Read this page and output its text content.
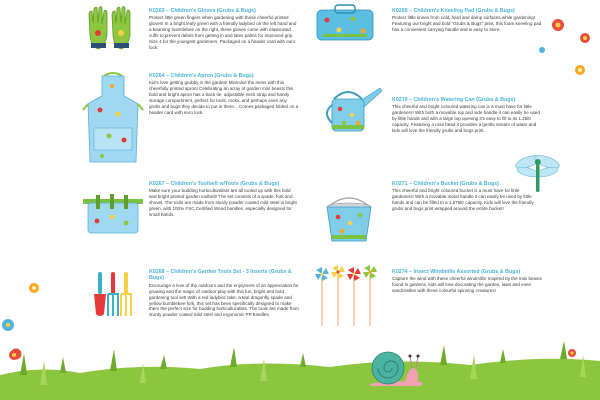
K0263 – Children's Gloves (Grubs & Bugs)

Protect little green fingers when gardening with these cheerful printed gloves! In a bright leafy green with a friendly ladybird on the left hand and a beaming bumblebee on the right, these gloves come with elasticated cuffs to prevent debris from getting in and latex palms for improved grip. Size 4 for the youngest gardeners. Packaged on a header card with euro lock.

K0269 – Children's Kneeling Pad (Grubs & Bugs)

Protect little knees from cold, hard and damp surfaces while gardening! Featuring our bright and bold "Grubs & Bugs" print, this foam kneeling pad has a convenient carrying handle and is easy to store.

K0264 – Children's Apron (Grubs & Bugs)

Kid's love getting grubby in the garden! Minimise the mess with this cheerfully printed apron! Celebrating an array of garden mini beasts this bold and bright apron has a back tie, adjustable neck strap and handy storage compartment, perfect for tools, rocks, and perhaps even any grubs and bugs they decide to put in there... Comes packaged folded on a header card with euro lock.

K0270 – Children's Watering Can (Grubs & Bugs)

This cheerful and bright coloured watering can is a must have for little gardeners! With both a movable top and side handle it can easily be used by little hands and with a large top opening it's easy to fill to its 1.25ltr capacity. Featuring a rose head it provides a gentle stream of water and kids will love the friendly grubs and bugs print.

K0267 – Children's Toolbelt w/Tools (Grubs & Bugs)

Make sure your budding horticulturalists are all tooled up with this bold and bright printed garden toolbelt! The set consists of a spade, fork and shovel. The tools are made from sturdy powder coated mild steel in bright green, with 100% FSC Certified Wood handles, especially designed for small hands.

K0271 – Children's Bucket (Grubs & Bugs)

This cheerful and bright coloured bucket is a must have for little gardeners! With a movable metal handle it can easily be used by little hands and can be filled to a 1.675ltr capacity. Kids will love the friendly grubs and bugs print wrapped around the entire bucket!

K0268 – Children's Garden Tools Set - 3 Inserts (Grubs & Bugs)

Encourage a love of the outdoors and the enjoyment of an appreciation for growing and the magic of outdoor play with this fun, bright and bold gardening tool set! With a red ladybird rake, a teal dragonfly spade and yellow bumblebee fork, this set has been specifically designed to make them the perfect size for budding horticulturalists. The tools are made from sturdy powder coated mild steel and ergonomic PP handles.

K0274 – Insect Windmills Assorted (Grubs & Bugs)

Capture the wind with these cheerful windmills! Inspired by the mini beasts found in gardens, kids will love decorating the garden, lawn and even sandcastles with these colourful spinning creatures!
